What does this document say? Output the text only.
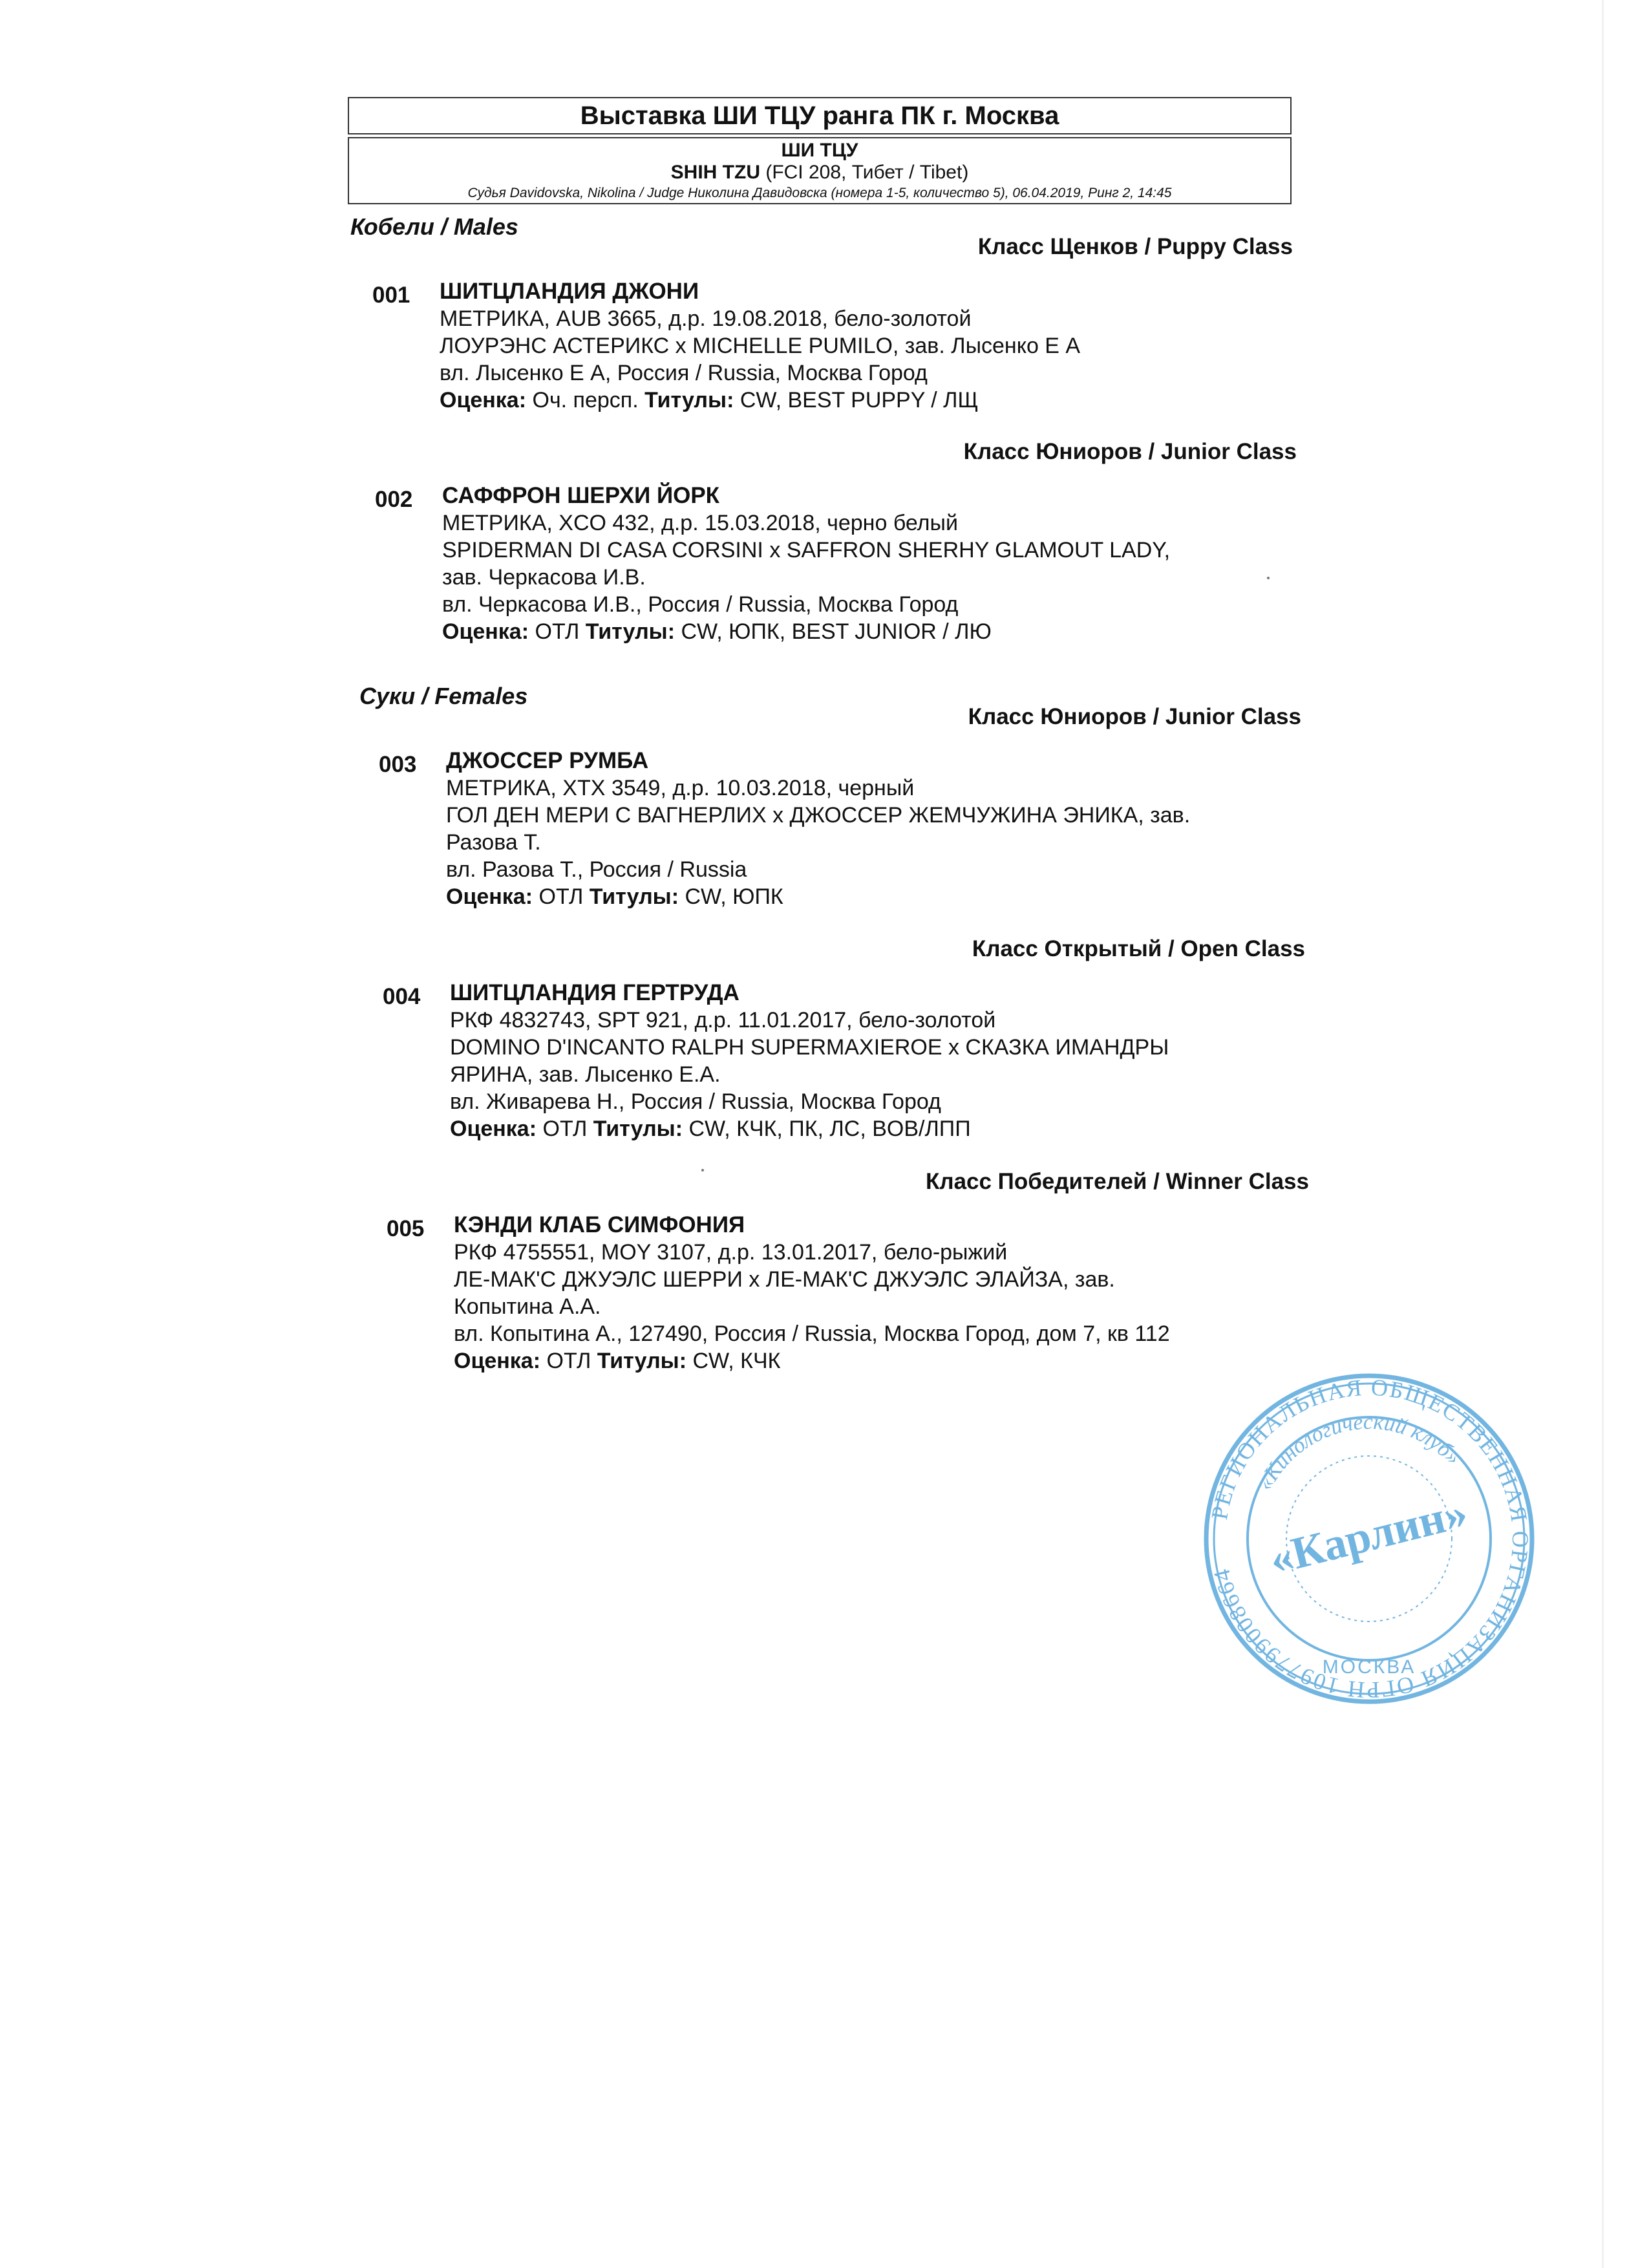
Выставка ШИ ТЦУ ранга ПК г. Москва
ШИ ТЦУ
SHIH TZU (FCI 208, Тибет / Tibet)
Судья Davidovska, Nikolina / Judge Николина Давидовска (номера 1-5, количество 5), 06.04.2019, Ринг 2, 14:45
Кобели / Males
Класс Щенков / Puppy Class
001 ШИТЦЛАНДИЯ ДЖОНИ
МЕТРИКА, AUB 3665, д.р. 19.08.2018, бело-золотой
ЛОУРЭНС АСТЕРИКС x MICHELLE PUMILO, зав. Лысенко Е А
вл. Лысенко Е А, Россия / Russia, Москва Город
Оценка: Оч. персп. Титулы: CW, BEST PUPPY / ЛЩ
Класс Юниоров / Junior Class
002 САФФРОН ШЕРХИ ЙОРК
МЕТРИКА, XCO 432, д.р. 15.03.2018, черно белый
SPIDERMAN DI CASA CORSINI x SAFFRON SHERHY GLAMOUT LADY,
зав. Черкасова И.В.
вл. Черкасова И.В., Россия / Russia, Москва Город
Оценка: ОТЛ Титулы: CW, ЮПК, BEST JUNIOR / ЛЮ
Суки / Females
Класс Юниоров / Junior Class
003 ДЖОССЕР РУМБА
МЕТРИКА, XTX 3549, д.р. 10.03.2018, черный
ГОЛ ДЕН МЕРИ С ВАГНЕРЛИХ x ДЖОССЕР ЖЕМЧУЖИНА ЭНИКА, зав.
Разова Т.
вл. Разова Т., Россия / Russia
Оценка: ОТЛ Титулы: CW, ЮПК
Класс Открытый / Open Class
004 ШИТЦЛАНДИЯ ГЕРТРУДА
РКФ 4832743, SPT 921, д.р. 11.01.2017, бело-золотой
DOMINO D'INCANTO RALPH SUPERMAXIEROE x СКАЗКА ИМАНДРЫ
ЯРИНА, зав. Лысенко Е.А.
вл. Живарева Н., Россия / Russia, Москва Город
Оценка: ОТЛ Титулы: CW, КЧК, ПК, ЛС, BOB/ЛПП
Класс Победителей / Winner Class
005 КЭНДИ КЛАБ СИМФОНИЯ
РКФ 4755551, MOY 3107, д.р. 13.01.2017, бело-рыжий
ЛЕ-МАК'С ДЖУЭЛС ШЕРРИ x ЛЕ-МАК'С ДЖУЭЛС ЭЛАЙЗА, зав.
Копытина А.А.
вл. Копытина А., 127490, Россия / Russia, Москва Город, дом 7, кв 112
Оценка: ОТЛ Титулы: CW, КЧК
РЕГИОНАЛЬНАЯ ОБЩЕСТВЕННАЯ ОРГАНИЗАЦИЯ ОГРН 1097799008664
«Кинологический клуб»
«Карлин»
МОСКВА
